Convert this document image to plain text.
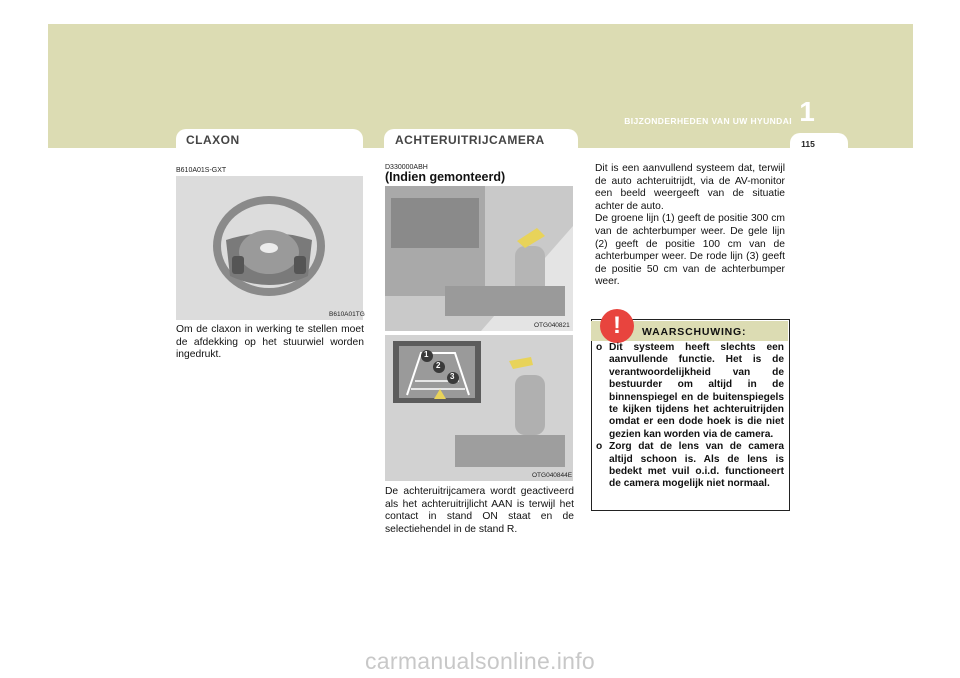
BIJZONDERHEDEN VAN UW HYUNDAI 1
115
CLAXON
B610A01S-GXT
B610A01TG
Om de claxon in werking te stellen moet de afdekking op het stuurwiel worden ingedrukt.
ACHTERUITRIJCAMERA
D330000ABH
(Indien gemonteerd)
OTG040821
1
2
3
OTG040844E
De achteruitrijcamera wordt geactiveerd als het achteruitrijlicht AAN is terwijl het contact in stand ON staat en de selectiehendel in de stand R.
Dit is een aanvullend systeem dat, terwijl de auto achteruitrijdt, via de AV-monitor een beeld weergeeft van de situatie achter de auto.
De groene lijn (1) geeft de positie 300 cm van de achterbumper weer. De gele lijn (2) geeft de positie 100 cm van de achterbumper weer. De rode lijn (3) geeft de positie 50 cm van de achterbumper weer.
!	WAARSCHUWING:
o Dit systeem heeft slechts een aanvullende functie. Het is de verantwoordelijkheid van de bestuurder om altijd in de binnenspiegel en de buitenspiegels te kijken tijdens het achteruitrijden omdat er een dode hoek is die niet gezien kan worden via de camera.
o Zorg dat de lens van de camera altijd schoon is. Als de lens is bedekt met vuil o.i.d. functioneert de camera mogelijk niet normaal.
carmanualsonline.info
